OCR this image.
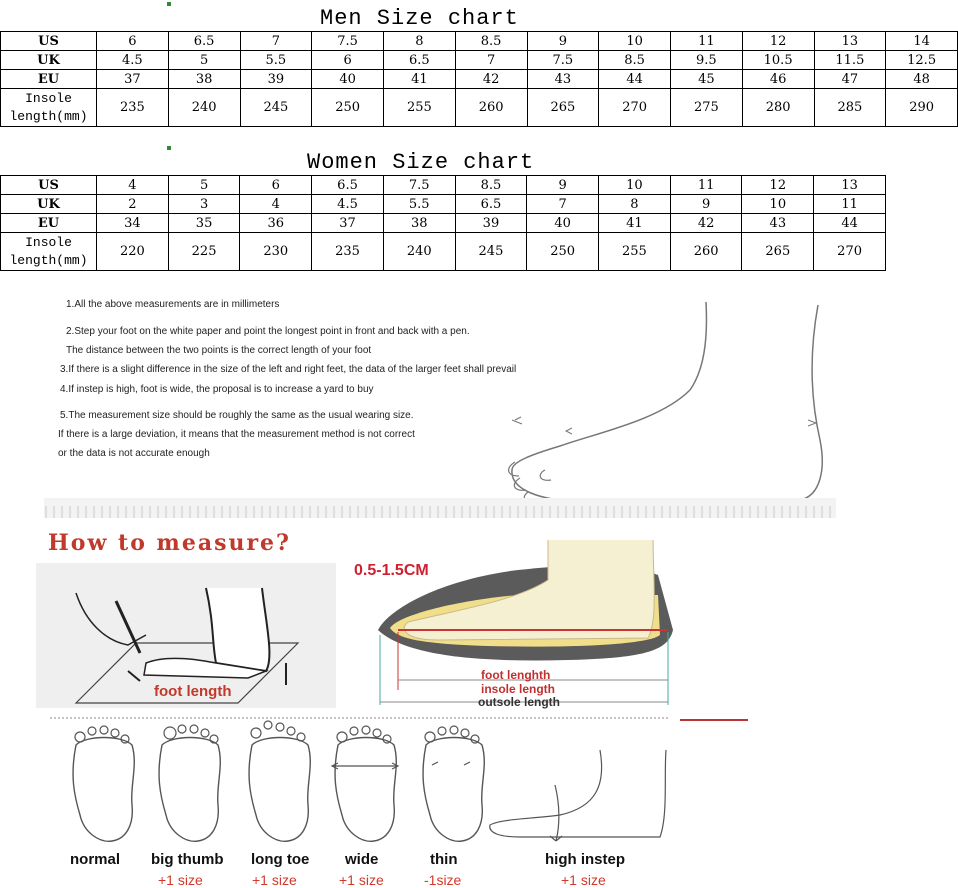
Men Size chart
US	6	6.5	7	7.5	8	8.5	9	10	11	12	13	14
UK	4.5	5	5.5	6	6.5	7	7.5	8.5	9.5	10.5	11.5	12.5
EU	37	38	39	40	41	42	43	44	45	46	47	48

Insole
length(mm)	235	240	245	250	255	260	265	270	275	280	285	290
Women Size chart
US	4	5	6	6.5	7.5	8.5	9	10	11	12	13
UK	2	3	4	4.5	5.5	6.5	7	8	9	10	11
EU	34	35	36	37	38	39	40	41	42	43	44

Insole
length(mm)	220	225	230	235	240	245	250	255	260	265	270
1.All the above measurements are in millimeters
2.Step your foot on the white paper and point the longest point in front and back with a pen.
The distance between the two points is the correct length of your foot
3.If there is a slight difference in the size of the left and right feet, the data of the larger feet shall prevail
4.If instep is high, foot is wide, the proposal is to increase a yard to buy
5.The measurement size should be roughly the same as the usual wearing size.
If there is a large deviation, it means that the measurement method is not correct
or the data is not accurate enough
How to measure?
foot length
0.5-1.5CM
foot lenghth
insole length
outsole length
normal big thumb
+1 size
long toe
+1 size
wide
+1 size
thin
-1size
high instep
+1 size
